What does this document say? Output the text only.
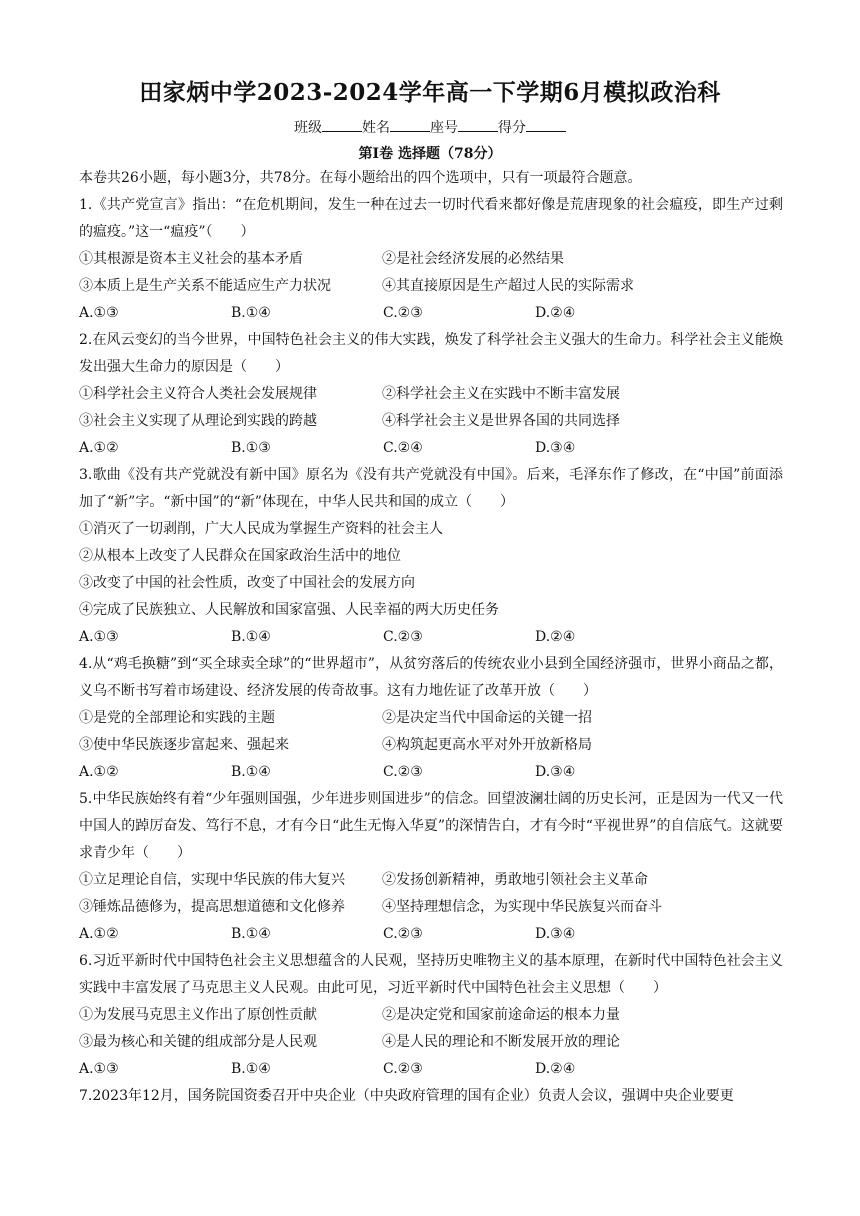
田家炳中学2023-2024学年高一下学期6月模拟政治科
班级	姓名	座号	得分
第Ⅰ卷 选择题（78分）
本卷共26小题，每小题3分，共78分。在每小题给出的四个选项中，只有一项最符合题意。
1.《共产党宣言》指出：“在危机期间，发生一种在过去一切时代看来都好像是荒唐现象的社会瘟疫，即生产过剩的瘟疫。”这一“瘟疫”（　　）
①其根源是资本主义社会的基本矛盾	②是社会经济发展的必然结果
③本质上是生产关系不能适应生产力状况	④其直接原因是生产超过人民的实际需求
A.①③	B.①④	C.②③	D.②④
2.在风云变幻的当今世界，中国特色社会主义的伟大实践，焕发了科学社会主义强大的生命力。科学社会主义能焕发出强大生命力的原因是（　　）
①科学社会主义符合人类社会发展规律	②科学社会主义在实践中不断丰富发展
③社会主义实现了从理论到实践的跨越	④科学社会主义是世界各国的共同选择
A.①②	B.①③	C.②④	D.③④
3.歌曲《没有共产党就没有新中国》原名为《没有共产党就没有中国》。后来，毛泽东作了修改，在“中国”前面添加了“新”字。“新中国”的“新”体现在，中华人民共和国的成立（　　）
①消灭了一切剥削，广大人民成为掌握生产资料的社会主人
②从根本上改变了人民群众在国家政治生活中的地位
③改变了中国的社会性质，改变了中国社会的发展方向
④完成了民族独立、人民解放和国家富强、人民幸福的两大历史任务
A.①③	B.①④	C.②③	D.②④
4.从“鸡毛换糖”到“买全球卖全球”的“世界超市”，从贫穷落后的传统农业小县到全国经济强市，世界小商品之都，义乌不断书写着市场建设、经济发展的传奇故事。这有力地佐证了改革开放（　　）
①是党的全部理论和实践的主题	②是决定当代中国命运的关键一招
③使中华民族逐步富起来、强起来	④构筑起更高水平对外开放新格局
A.①②	B.①④	C.②③	D.③④
5.中华民族始终有着“少年强则国强，少年进步则国进步”的信念。回望波澜壮阔的历史长河，正是因为一代又一代中国人的踔厉奋发、笃行不息，才有今日“此生无悔入华夏”的深情告白，才有今时“平视世界”的自信底气。这就要求青少年（　　）
①立足理论自信，实现中华民族的伟大复兴	②发扬创新精神，勇敢地引领社会主义革命
③锤炼品德修为，提高思想道德和文化修养	④坚持理想信念，为实现中华民族复兴而奋斗
A.①②	B.①④	C.②③	D.③④
6.习近平新时代中国特色社会主义思想蕴含的人民观，坚持历史唯物主义的基本原理，在新时代中国特色社会主义实践中丰富发展了马克思主义人民观。由此可见，习近平新时代中国特色社会主义思想（　　）
①为发展马克思主义作出了原创性贡献	②是决定党和国家前途命运的根本力量
③最为核心和关键的组成部分是人民观	④是人民的理论和不断发展开放的理论
A.①③	B.①④	C.②③	D.②④
7.2023年12月，国务院国资委召开中央企业（中央政府管理的国有企业）负责人会议，强调中央企业要更
